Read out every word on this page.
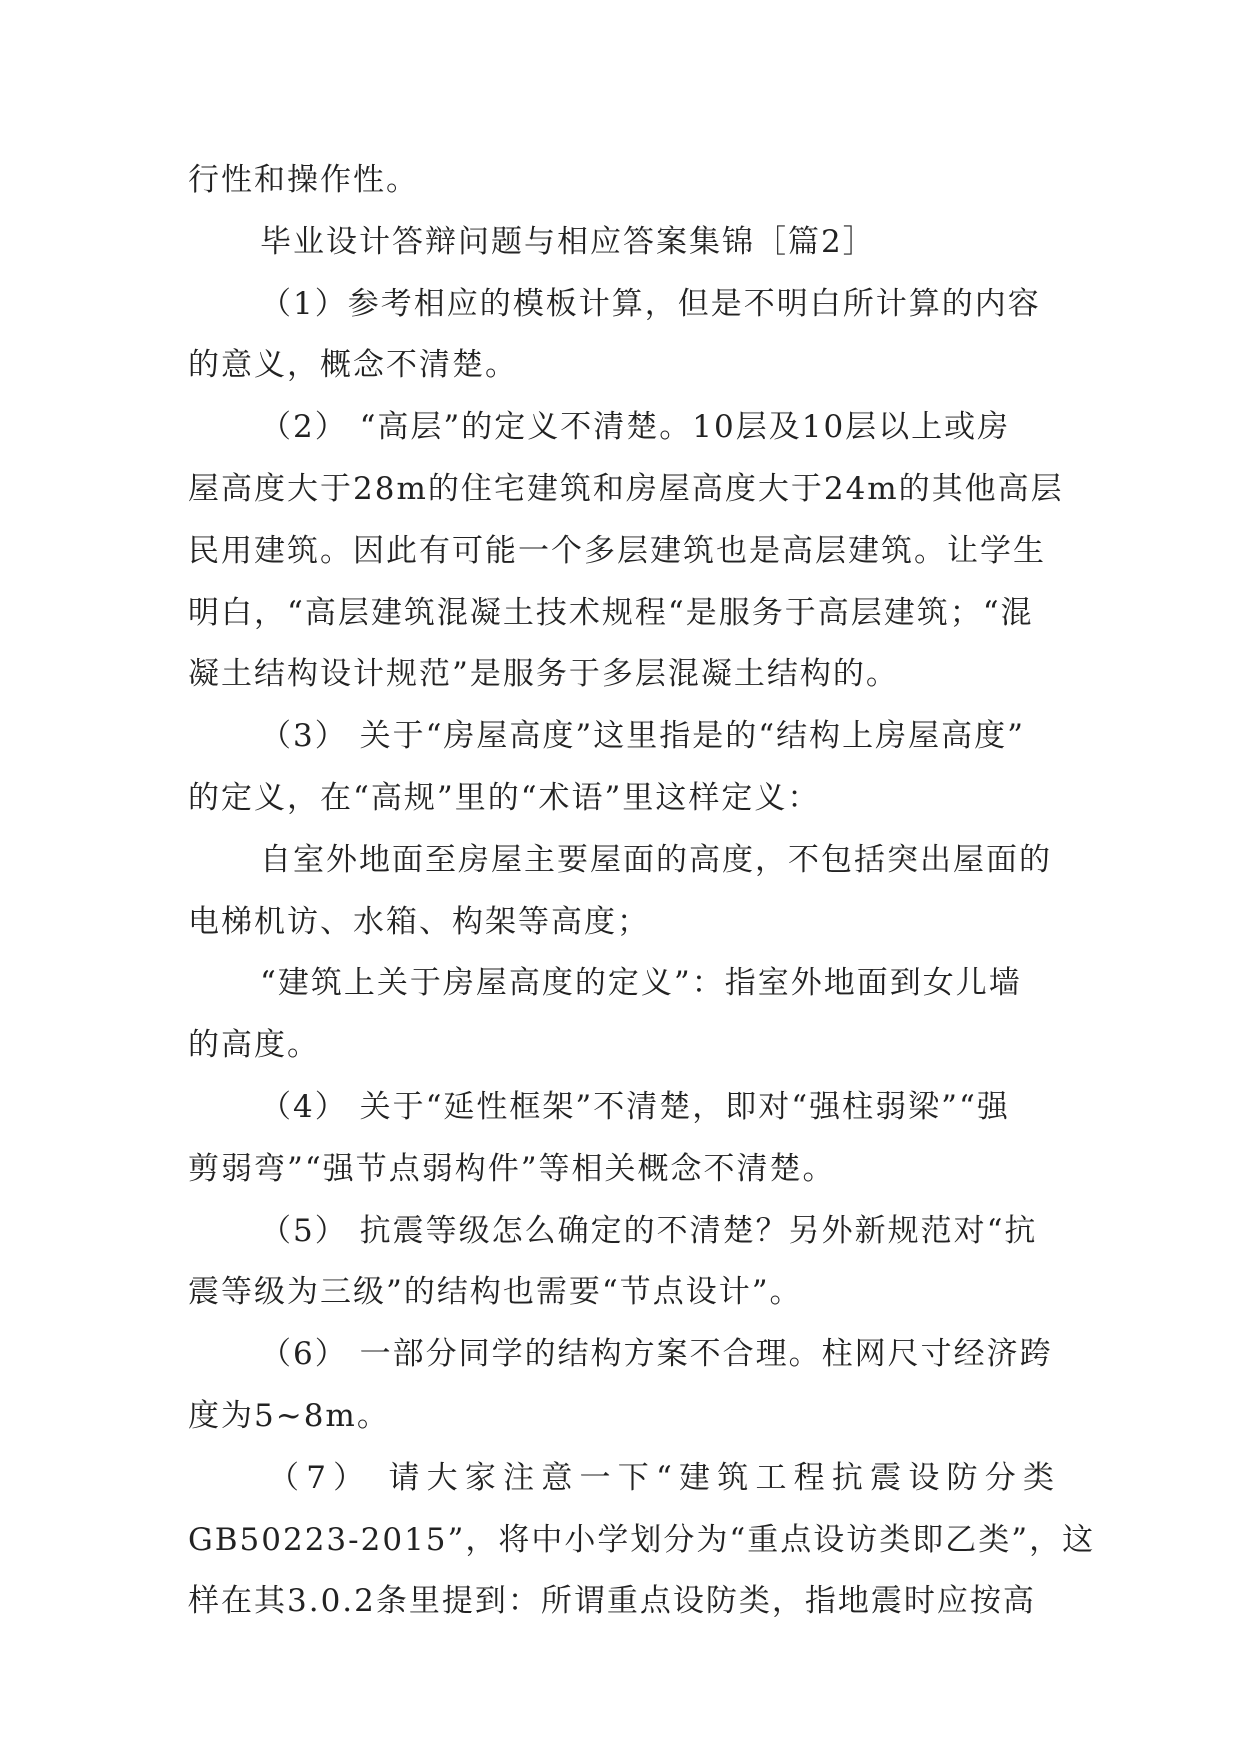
行性和操作性。
毕业设计答辩问题与相应答案集锦［篇2］
（1）参考相应的模板计算，但是不明白所计算的内容
的意义，概念不清楚。
（2） “高层”的定义不清楚。10层及10层以上或房
屋高度大于28m的住宅建筑和房屋高度大于24m的其他高层
民用建筑。因此有可能一个多层建筑也是高层建筑。让学生
明白，“高层建筑混凝土技术规程“是服务于高层建筑；“混
凝土结构设计规范”是服务于多层混凝土结构的。
（3） 关于“房屋高度”这里指是的“结构上房屋高度”
的定义，在“高规”里的“术语”里这样定义：
自室外地面至房屋主要屋面的高度，不包括突出屋面的
电梯机访、水箱、构架等高度；
“建筑上关于房屋高度的定义”：指室外地面到女儿墙
的高度。
（4） 关于“延性框架”不清楚，即对“强柱弱梁”“强
剪弱弯”“强节点弱构件”等相关概念不清楚。
（5） 抗震等级怎么确定的不清楚？另外新规范对“抗
震等级为三级”的结构也需要“节点设计”。
（6） 一部分同学的结构方案不合理。柱网尺寸经济跨
度为5~8m。
（7） 请大家注意一下“建筑工程抗震设防分类
GB50223-2015”，将中小学划分为“重点设访类即乙类”，这
样在其3.0.2条里提到：所谓重点设防类，指地震时应按高
